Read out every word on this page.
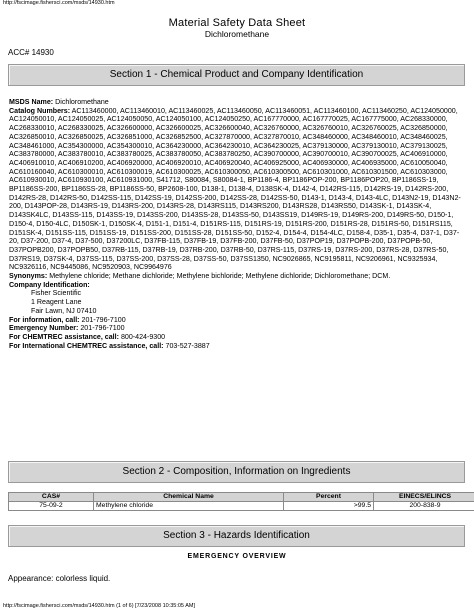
http://fscimage.fishersci.com/msds/14930.htm
Material Safety Data Sheet
Dichloromethane
ACC# 14930
Section 1 - Chemical Product and Company Identification

MSDS Name: Dichloromethane

Catalog Numbers: AC113460000, AC113460010, AC113460025, AC113460050, AC113460051, AC113460100, AC113460250, AC124050000, AC124050010, AC124050025, AC124050050, AC124050100, AC124050250, AC167770000, AC167770025, AC167775000, AC268330000, AC268330010, AC268330025, AC326600000, AC326600025, AC326600040, AC326760000, AC326760010, AC326760025, AC326850000, AC326850010, AC326850025, AC326851000, AC326852500, AC327870000, AC327870010, AC348460000, AC348460010, AC348460025, AC348461000, AC354300000, AC354300010, AC364230000, AC364230010, AC364230025, AC379130000, AC379130010, AC379130025, AC383780000, AC383780010, AC383780025, AC383780050, AC383780250, AC390700000, AC390700010, AC390700025, AC406910000, AC406910010, AC406910200, AC406920000, AC406920010, AC406920040, AC406925000, AC406930000, AC406935000, AC610050040, AC610160040, AC610300010, AC610300019, AC610300025, AC610300050, AC610300500, AC610301000, AC610301500, AC610303000, AC610930010, AC610930100, AC610931000, S41712, S80084, S80084-1, BP1186-4, BP1186POP-200, BP1186POP20, BP1186SS-19, BP1186SS-200, BP1186SS-28, BP1186SS-50, BP2608-100, D138-1, D138-4, D138SK-4, D142-4, D142RS-115, D142RS-19, D142RS-200, D142RS-28, D142RS-50, D142SS-115, D142SS-19, D142SS-200, D142SS-28, D142SS-50, D143-1, D143-4, D143-4LC, D143N2-19, D143N2-200, D143POP-28, D143RS-19, D143RS-200, D143RS-28, D143RS115, D143RS200, D143RS28, D143RS50, D143SK-1, D143SK-4, D143SK4LC, D143SS-115, D143SS-19, D143SS-200, D143SS-28, D143SS-50, D143SS19, D149RS-19, D149RS-200, D149RS-50, D150-1, D150-4, D150-4LC, D150SK-1, D150SK-4, D151-1, D151-4, D151RS-115, D151RS-19, D151RS-200, D151RS-28, D151RS-50, D151RS115, D151SK-4, D151SS-115, D151SS-19, D151SS-200, D151SS-28, D151SS-50, D152-4, D154-4, D154-4LC, D158-4, D35-1, D35-4, D37-1, D37-20, D37-200, D37-4, D37-500, D37200LC, D37FB-115, D37FB-19, D37FB-200, D37FB-50, D37POP19, D37POPB-200, D37POPB-50, D37POPB200, D37POPB50, D37RB-115, D37RB-19, D37RB-200, D37RB-50, D37RS-115, D37RS-19, D37RS-200, D37RS-28, D37RS-50, D37RS19, D37SK-4, D37SS-115, D37SS-200, D37SS-28, D37SS-50, D37SS1350, NC9026865, NC9195811, NC9206961, NC9325934, NC9326116, NC9445086, NC9520903, NC9964976

Synonyms: Methylene chloride; Methane dichloride; Methylene bichloride; Methylene dichloride; Dichloromethane; DCM.

Company Identification:

Fisher Scientific

1 Reagent Lane

Fair Lawn, NJ 07410

For information, call: 201-796-7100

Emergency Number: 201-796-7100

For CHEMTREC assistance, call: 800-424-9300

For International CHEMTREC assistance, call: 703-527-3887

Section 2 - Composition, Information on Ingredients
CAS#	Chemical Name	Percent	EINECS/ELINCS
75-09-2	Methylene chloride	>99.5	200-838-9
Section 3 - Hazards Identification
EMERGENCY OVERVIEW
Appearance: colorless liquid.
http://fscimage.fishersci.com/msds/14930.htm (1 of 6) [7/23/2008 10:35:05 AM]
